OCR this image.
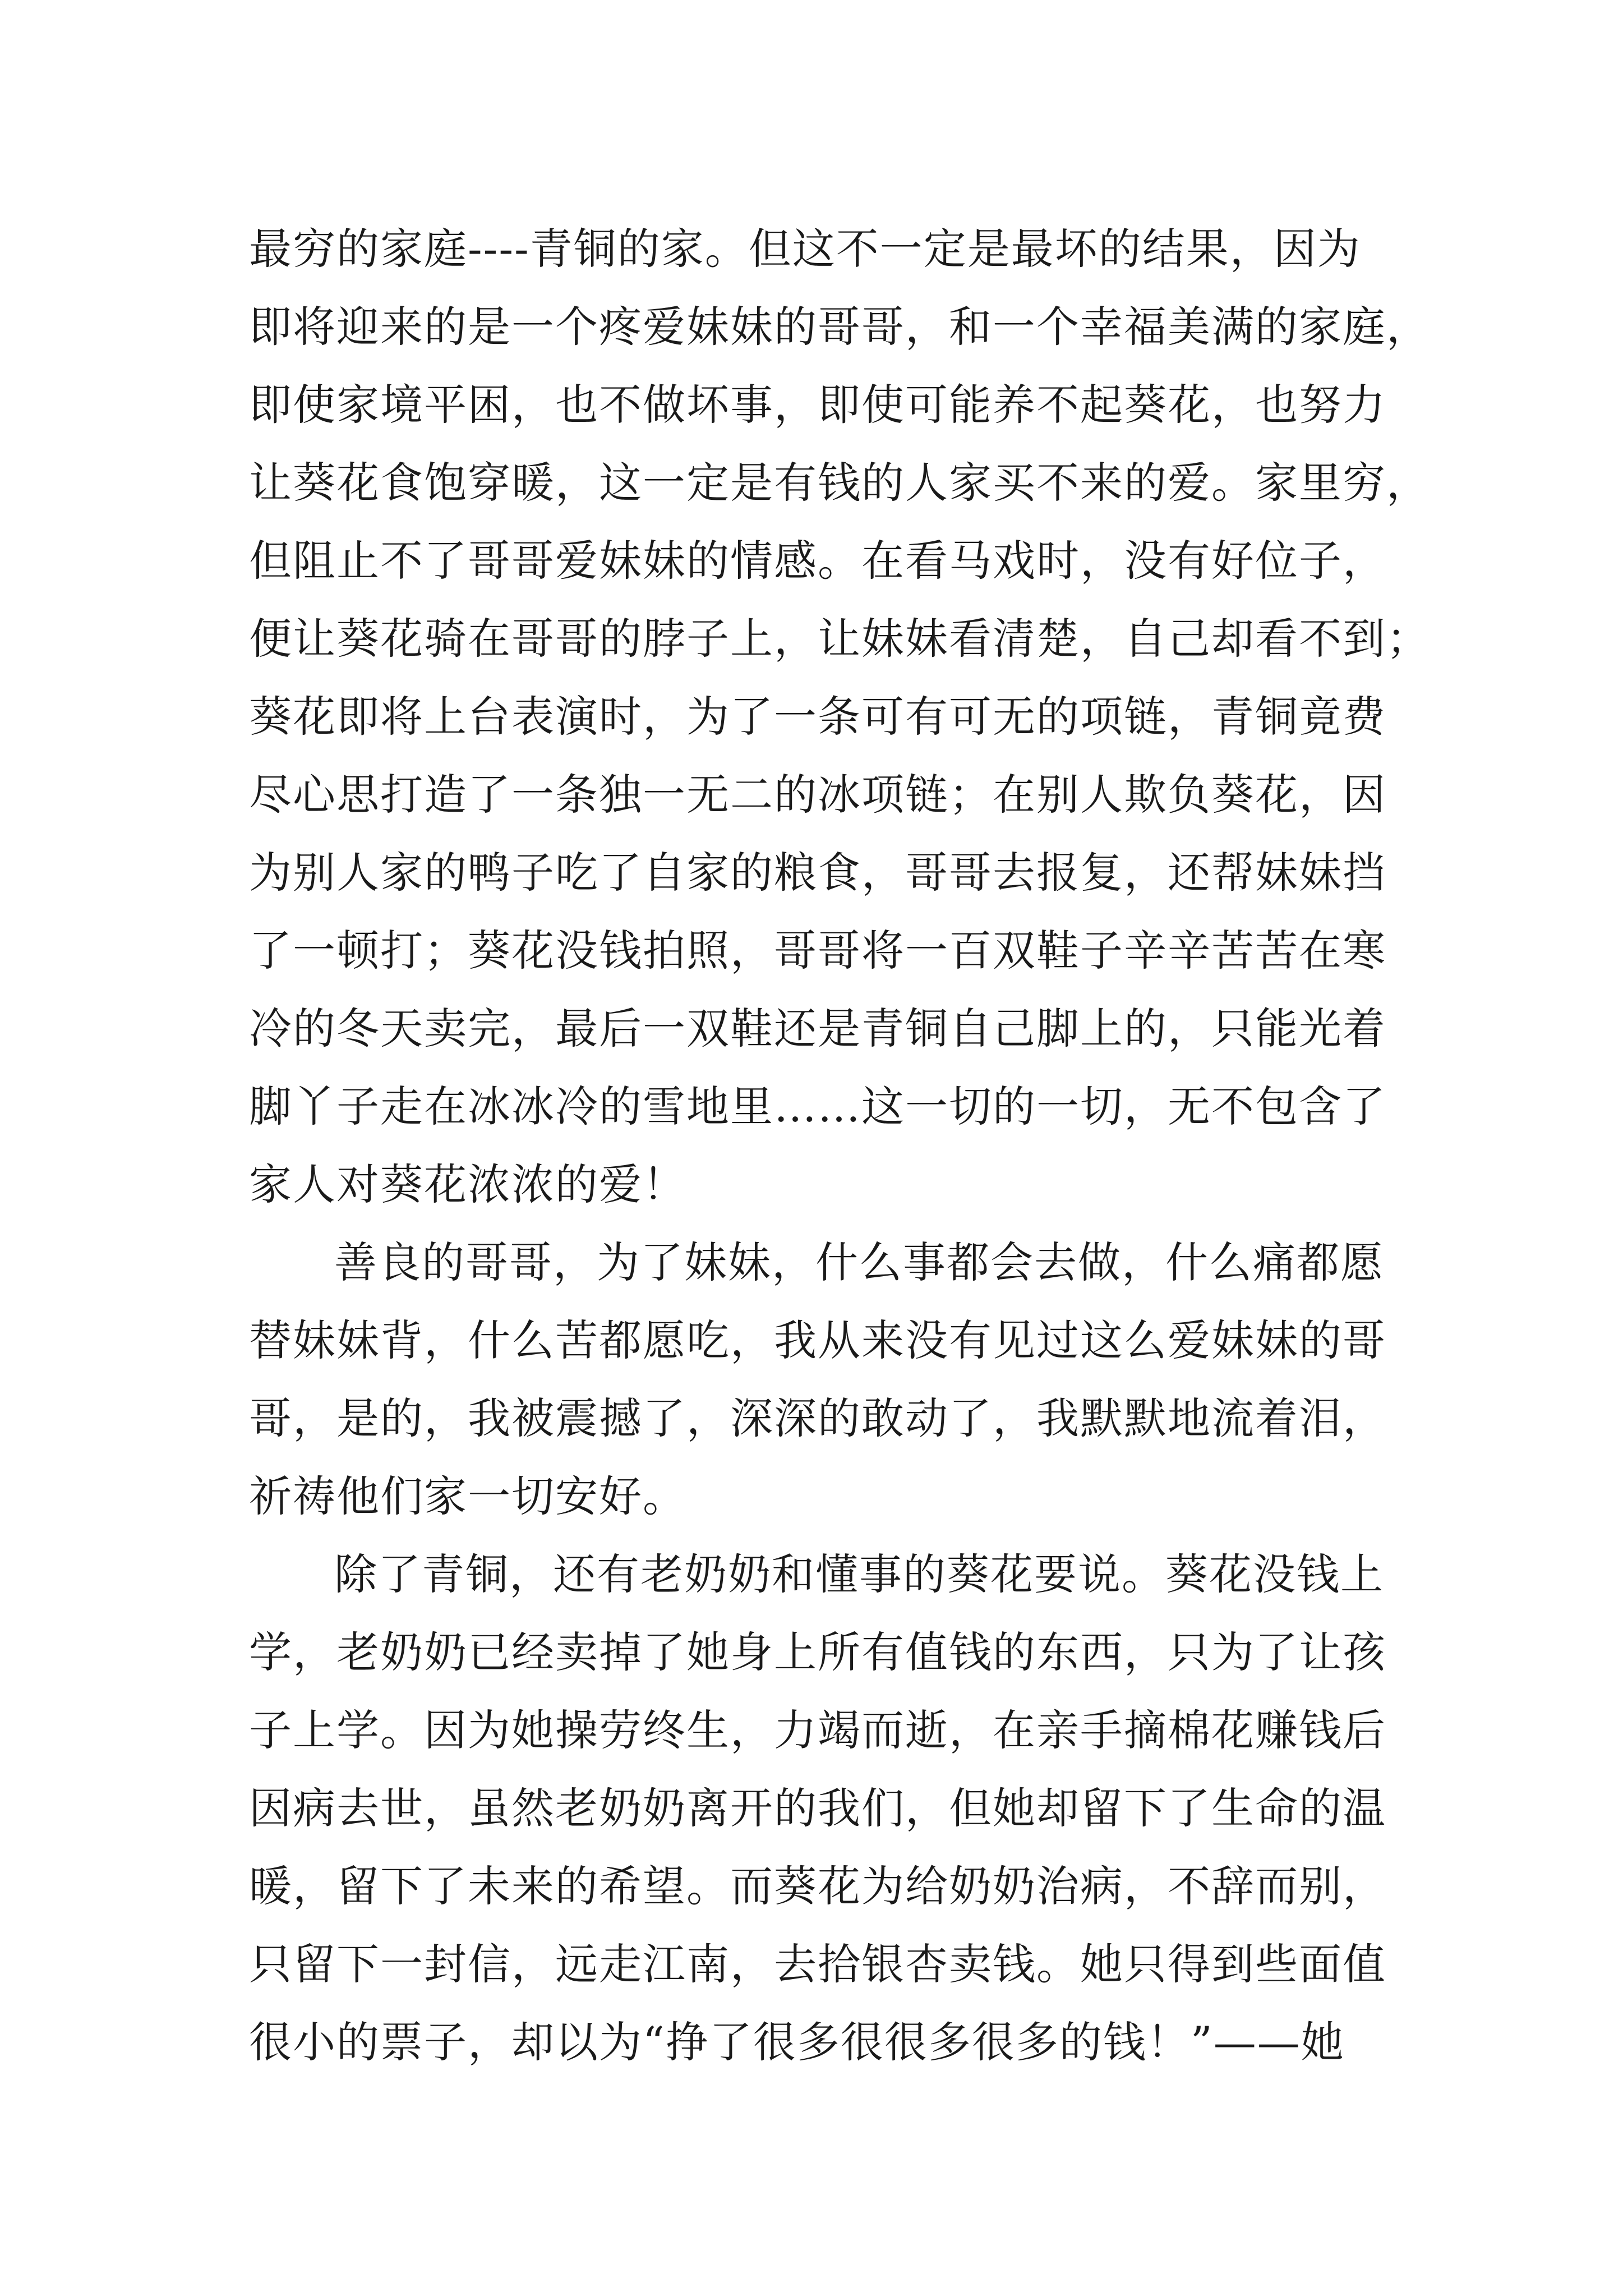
最穷的家庭----青铜的家。但这不一定是最坏的结果，因为
即将迎来的是一个疼爱妹妹的哥哥，和一个幸福美满的家庭，
即使家境平困，也不做坏事，即使可能养不起葵花，也努力
让葵花食饱穿暖，这一定是有钱的人家买不来的爱。家里穷，
但阻止不了哥哥爱妹妹的情感。在看马戏时，没有好位子，
便让葵花骑在哥哥的脖子上，让妹妹看清楚，自己却看不到；
葵花即将上台表演时，为了一条可有可无的项链，青铜竟费
尽心思打造了一条独一无二的冰项链；在别人欺负葵花，因
为别人家的鸭子吃了自家的粮食，哥哥去报复，还帮妹妹挡
了一顿打；葵花没钱拍照，哥哥将一百双鞋子辛辛苦苦在寒
冷的冬天卖完，最后一双鞋还是青铜自己脚上的，只能光着
脚丫子走在冰冰冷的雪地里……这一切的一切，无不包含了
家人对葵花浓浓的爱！
善良的哥哥，为了妹妹，什么事都会去做，什么痛都愿
替妹妹背，什么苦都愿吃，我从来没有见过这么爱妹妹的哥
哥，是的，我被震撼了，深深的敢动了，我默默地流着泪，
祈祷他们家一切安好。
除了青铜，还有老奶奶和懂事的葵花要说。葵花没钱上
学，老奶奶已经卖掉了她身上所有值钱的东西，只为了让孩
子上学。因为她操劳终生，力竭而逝，在亲手摘棉花赚钱后
因病去世，虽然老奶奶离开的我们，但她却留下了生命的温
暖，留下了未来的希望。而葵花为给奶奶治病，不辞而别，
只留下一封信，远走江南，去拾银杏卖钱。她只得到些面值
很小的票子，却以为“挣了很多很很多很多的钱！”——她
